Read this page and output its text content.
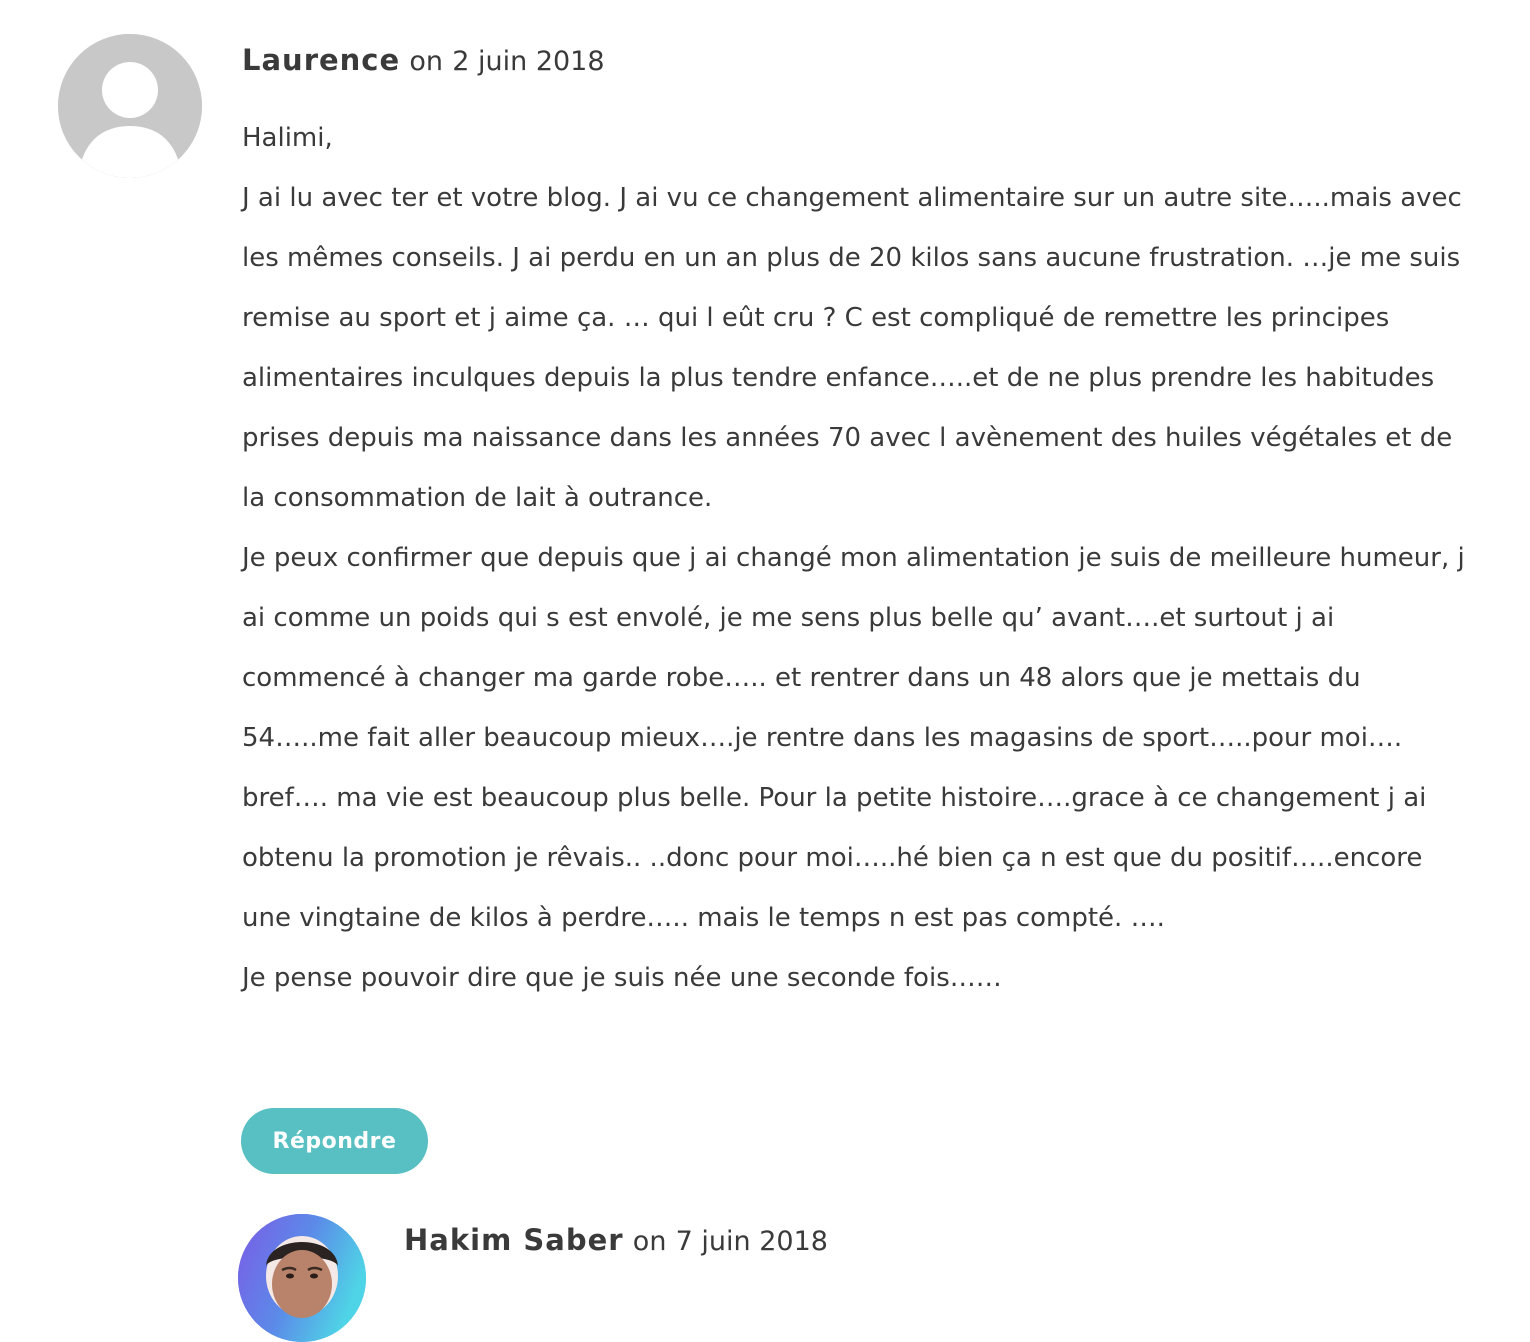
Laurence on 2 juin 2018

Halimi,

J ai lu avec ter et votre blog. J ai vu ce changement alimentaire sur un autre site…..mais avec les mêmes conseils. J ai perdu en un an plus de 20 kilos sans aucune frustration. …je me suis remise au sport et j aime ça. … qui l eût cru ? C est compliqué de remettre les principes alimentaires inculques depuis la plus tendre enfance…..et de ne plus prendre les habitudes prises depuis ma naissance dans les années 70 avec l avènement des huiles végétales et de la consommation de lait à outrance.

Je peux confirmer que depuis que j ai changé mon alimentation je suis de meilleure humeur, j ai comme un poids qui s est envolé, je me sens plus belle qu’ avant….et surtout j ai commencé à changer ma garde robe….. et rentrer dans un 48 alors que je mettais du 54…..me fait aller beaucoup mieux….je rentre dans les magasins de sport…..pour moi…. bref…. ma vie est beaucoup plus belle. Pour la petite histoire….grace à ce changement j ai obtenu la promotion je rêvais.. ..donc pour moi…..hé bien ça n est que du positif…..encore une vingtaine de kilos à perdre….. mais le temps n est pas compté. ….

Je pense pouvoir dire que je suis née une seconde fois……

Répondre
Hakim Saber on 7 juin 2018
